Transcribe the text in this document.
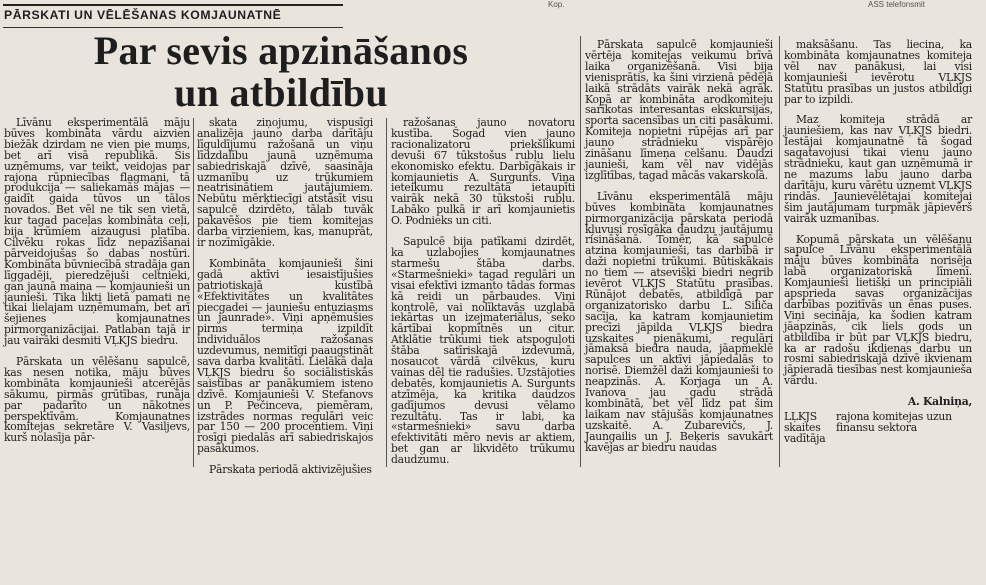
Kop.	ASS telefonsmit
PĀRSKATI UN VĒLĒŠANAS KOMJAUNATNĒ
Par sevis apzināšanos
un atbildību

Līvānu eksperimentālā māju būves kombināta vārdu aizvien biežāk dzirdam ne vien pie mums, bet arī visā republikā. Šis uzņēmums, var teikt, veidojas par rajona rūpniecības flagmani, tā produkcija — saliekamās mājas — gaidīt gaida tūvos un tālos novados. Bet vēl ne tik sen vietā, kur tagad paceļas kombināta ceļi, bija krūmiem aizaugusi platība. Cilvēku rokas līdz nepazīšanai pārveidojušas šo dabas nostūri. Kombināta būvniecībā stradāja gan līggadēji, pieredzējuši celtnieki, gan jaunā maiņa — komjaunieši un jaunieši. Tika likti lietā pamati ne tikai lielajam uzņēmumam, bet arī šejienes komjaunatnes pirmorganizācijai. Patlaban tajā ir jau vairāki desmiti VĻKJS biedru.

Pārskata un vēlēšanu sapulcē, kas nesen notika, māju būves kombināta komjaunieši atcerējās sākumu, pirmās grūtības, runāja par padarīto un nākotnes perspektīvām. Komjaunatnes komitejas sekretāre V. Vasiljevs, kurš nolasīja pār-

skata ziņojumu, vispusīgi analizēja jauno darba darītāju līguldījumu ražošanā un viņu līdzdalību jaunā uzņēmuma sabiedriskajā dzīvē, saasināja uzmanību uz trūkumiem neatrisinātiem jautājumiem. Nebūtu mērķtiecīgi atstāsīt visu sapulcē dzirdēto, tālab tuvāk pakavēšos pie tiem komitejas darba virzieniem, kas, manuprāt, ir nozīmīgākie.

Kombināta komjaunieši šini gadā aktīvi iesaistījušies patriotiskajā kustībā «Efektivitātes un kvalitātes piecgadei — jauniešu entuziasms un jaunrade». Viņi apņēmušies pirms termiņa izpildīt individuālos ražošanas uzdevumus, nemitīgi paaugstināt sava darba kvalitāti. Lielākā daļa VĻKJS biedru šo sociālistiskās saistības ar panākumiem isteno dzīvē. Komjaunieši V. Stefanovs un P. Pečinceva, piemēram, izstrādes normas regulāri veic par 150 — 200 procentiem. Viņi rosīgi piedalās arī sabiedriskajos pasākumos.

Pārskata periodā aktivizējušies

ražošanas jauno novatoru kustība. Šogad vien jauno racionalizatoru priekšlikumi devuši 67 tūkstošus rubļu lielu ekonomisko efektu. Darbīgākais ir komjaunietis A. Surgunts. Viņa ieteikumu rezultātā ietaupīti vairāk nekā 30 tūkstoši rubļu. Labāko pulkā ir arī komjaunietis O. Podnieks un citi.

Sapulcē bija patīkami dzirdēt, ka uzlabojies komjaunatnes starmešu štāba darbs. «Starmešnieki» tagad regulāri un visai efektīvi izmanto tādas formas kā reidi un pārbaudes. Viņi kontrolē, vai nolīktavās uzglabā iekārtas un izejmateriālus, seko kārtībai kopmītnēs un citur. Atklātie trūkumi tiek atspoguļoti štāba satīriskajā izdevumā, nosaucot vārdā cilvēkus, kuru vainas dēļ tie radušies. Uzstājoties debatēs, komjaunietis A. Surgunts atzīmēja, ka kritika daudzos gadījumos devusi vēlamo rezultātu. Tas ir labi, ka «starmešnieki» savu darba efektivitāti mēro nevis ar aktiem, bet gan ar likvidēto trūkumu daudzumu.

Pārskata sapulcē komjaunieši vērtēja komitejas veikumu brīvā laika organizēšanā. Visi bija vienisprātis, ka šini virzienā pēdējā laikā strādāts vairāk nekā agrāk. Kopā ar kombināta arodkomiteju sarīkotas interesantas ekskursijas, sporta sacensības un citi pasākumi. Komiteja nopietni rūpējas arī par jauno strādnieku vispārējo zināšanu līmeņa celšanu. Daudzi jaunieši, kam vēl nav vidējās izglītības, tagad mācās vakarskolā.

Līvānu eksperimentālā māju būves kombināta komjaunatnes pirmorganizācija pārskata periodā kļuvusi rosīgāka daudzu jautājumu risināšanā. Tomēr, kā sapulcē atzina komjaunieši, tas darbībā ir daži nopietni trūkumi. Būtiskākais no tiem — atsevišķi biedri negrib ievērot VĻKJS Statūtu prasības. Rūnājot debatēs, atbildīgā par organizatorisko darbu L. Siliča sacīja, ka katram komjaunietim precīzi jāpilda VĻKJS biedra uzskaites pienākumi, regulāri jāmaksā biedra nauda, jāapmeklē sapulces un aktīvi jāpiedalās to norisē. Diemžēl daži komjaunieši to neapzinās. A. Korjaga un A. Ivanova jau gadu strādā kombinātā, bet vēl līdz pat šim laikam nav stājušās komjaunatnes uzskaitē. A. Zubarevičs, J. Jaungailis un J. Beķeris savukārt kavējas ar biedru naudas

maksāšanu. Tas liecina, ka kombināta komjaunatnes komiteja vēl nav panākusi, lai visi komjaunieši ievērotu VĻKJS Statūtu prasības un justos atbildīgi par to izpildi.

Maz komiteja strādā ar jauniešiem, kas nav VĻKJS biedri. Iestājai komjaunatnē tā šogad sagatavojusi tikai vienu jauno strādnieku, kaut gan uzņēmumā ir ne mazums labu jauno darba darītāju, kuru vārētu uzņemt VĻKJS rindās. Jaunievēlētajai komitejai šim jautājumam turpmāk jāpievērš vairāk uzmanības.

Kopumā pārskata un vēlēšanu sapulce Līvānu eksperimentālā māju būves kombināta norisēja labā organizatoriskā līmenī. Komjaunieši lietišķi un principiāli apsprieda savas organizācijas darbības pozitīvās un ēnas puses. Viņi secināja, ka šodien katram jāapzinās, cik liels gods un atbildība ir būt par VĻKJS biedru, ka ar radošu ikdienas darbu un rosmi sabiedriskajā dzīvē ikvienam jāpieradā tiesības nest komjaunieša vārdu.

A. Kalniņa,

LĻKJS skaites vadītāja
rajona komitejas uzun finansu sektora
